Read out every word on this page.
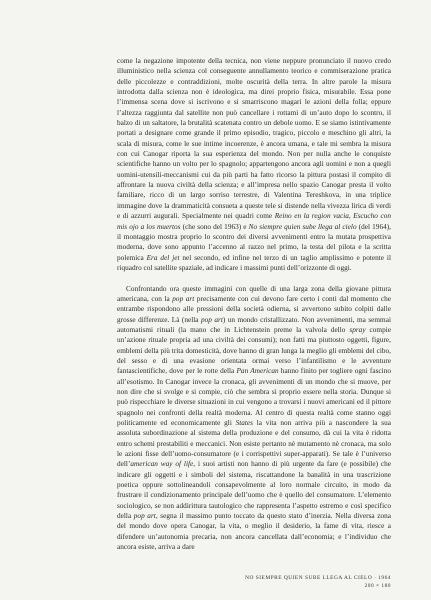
come la negazione impotente della tecnica, non viene neppure pronunciato il nuovo credo illuministico nella scienza col conseguente annullamento teorico e commiserazione pratica delle piccolezze e contraddizioni, molte oscurità della terra. In altre parole la misura introdotta dalla scienza non è ideologica, ma direi proprio fisica, misurabile. Essa pone l’immensa scena dove si iscrivono e si smarriscono magari le azioni della folla; eppure l’altezza raggiunta dal satellite non può cancellare i rottami di un’auto dopo lo scontro, il balzo di un saltatore, la brutalità scatenata contro un debole uomo. E se siamo istintivamente portati a designare come grande il primo episodio, tragico, piccolo e meschino gli altri, la scala di misura, come le sue intime incoerenze, è ancora umana, e tale mi sembra la misura con cui Canogar riporta la sua esperienza del mondo. Non per nulla anche le conquiste scientifiche hanno un volto per lo spagnolo; appartengono ancora agli uomini e non a quegli uomini-utensili-meccanismi cui da più parti ha fatto ricorso la pittura postasi il compito di affrontare la nuova civiltà della scienza; e all’impresa nello spazio Canogar presta il volto familiare, ricco di un largo sorriso terrestre, di Valentina Tereshkova, in una triplice immagine dove la drammaticità consueta a queste tele si distende nella vivezza lirica di verdi e di azzurri augurali. Specialmente nei quadri come Reino en la region vacia, Escucho con mis ojo a los muertos (che sono del 1963) e No siempre quien sube llega al cielo (del 1964), il montaggio mostra proprio lo scontro dei diversi avvenimenti entro la mutata prospettiva moderna, dove sono appunto l’accenno al razzo nel primo, la testa del pilota e la scritta polemica Era del jet nel secondo, ed infine nel terzo di un taglio amplissimo e potente il riquadro col satellite spaziale, ad indicare i massimi punti dell’orizzonte di oggi.

Confrontando ora queste immagini con quelle di una larga zona della giovane pittura americana, con la pop art precisamente con cui devono fare certo i conti dal momento che entrambe rispondono alle pressioni della società odierna, si avvertono subito colpiti dalle grosse differenze. Là (nella pop art) un mondo cristallizzato. Non avvenimenti, ma semmai automatismi rituali (la mano che in Lichtenstein preme la valvola dello spray compie un’azione rituale propria ad una civiltà dei consumi); non fatti ma piuttosto oggetti, figure, emblemi della più trita domesticità, dove hanno di gran lunga la meglio gli emblemi del cibo, del sesso e di una evasione orientata ormai verso l’infantilismo e le avventure fantascientifiche, dove per le rotte della Pan American hanno finito per togliere ogni fascino all’esotismo. In Canogar invece la cronaca, gli avvenimenti di un mondo che si muove, per non dire che si svolge e si compie, ciò che sembra si proprio essere nella storia. Dunque si può rispecchiare le diverse situazioni in cui vengono a trovarsi i nuovi americani ed il pittore spagnolo nei confronti della realtà moderna. Al centro di questa realtà come stanno oggi politicamente ed economicamente gli States la vita non arriva più a nascondere la sua assoluta subordinazione al sistema della produzione e del consumo, dà cui la vita è ridotta entro schemi prestabiliti e meccanici. Non esiste pertanto nè mutamento nè cronaca, ma solo le azioni fisse dell’uomo-consumatore (e i corrispettivi super-apparati). Se tale è l’universo dell’american way of life, i suoi artisti non hanno di più urgente da fare (e possibile) che indicare gli oggetti e i simboli del sistema, riscattandone la banalità in una trascrizione poetica oppure sottolineandoli consapevolmente al loro normale circuito, in modo da frustrare il condizionamento principale dell’uomo che è quello del consumatore. L’elemento sociologico, se non addirittura tautologico che rappresenta l’aspetto estremo e così specifico della pop art, segna il massimo punto toccato da questo stato d’inerzia. Nella diversa zona del mondo dove opera Canogar, la vita, o meglio il desiderio, la fame di vita, riesce a difendere un’autonomia precaria, non ancora cancellata dall’economia; e l’individuo che ancora esiste, arriva a dare

NO SIEMPRE QUIEN SUBE LLEGA AL CIELO · 1964
200 × 180
